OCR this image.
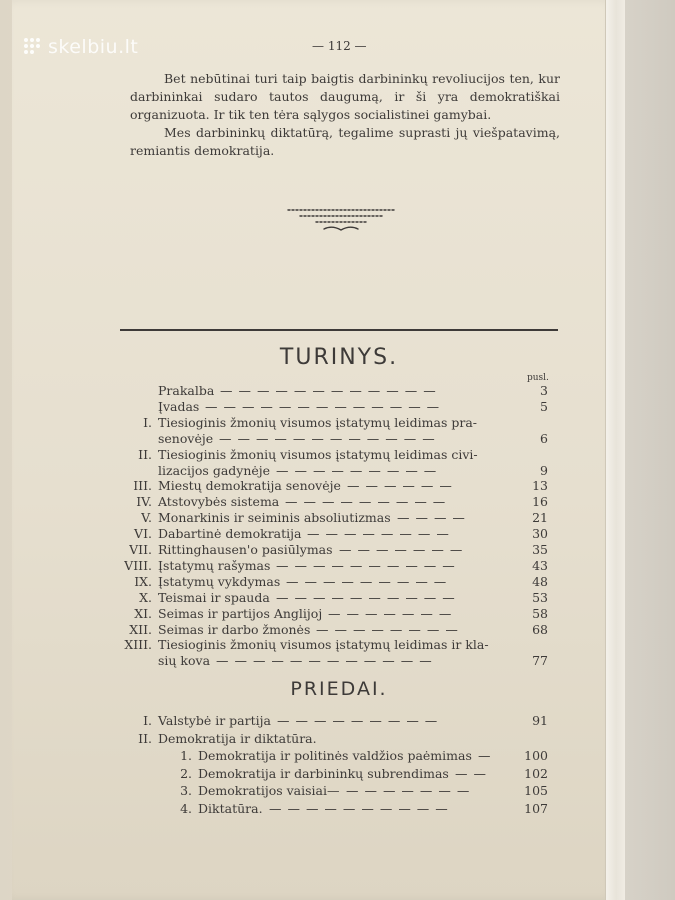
skelbiu.lt	— 112 —

Bet nebūtinai turi taip baigtis darbininkų revoliucijos ten, kur darbininkai sudaro tautos daugumą, ir ši yra demokratiškai organizuota. Ir tik ten tėra sąlygos socialistinei gamybai.

Mes darbininkų diktatūrą, tegalime suprasti jų viešpatavimą, remiantis demokratija.

TURINYS.
pusl.
Prakalba — — — — — — — — — — — —	3
Įvadas — — — — — — — — — — — — —	5
I. Tiesioginis žmonių visumos įstatymų leidimas pra-
senovėje — — — — — — — — — — — —	6
II. Tiesioginis žmonių visumos įstatymų leidimas civi-
lizacijos gadynėje — — — — — — — — —	9
III. Miestų demokratija senovėje — — — — — —	13
IV. Atstovybės sistema — — — — — — — — —	16
V. Monarkinis ir seiminis absoliutizmas — — — —	21
VI. Dabartinė demokratija — — — — — — — —	30
VII. Rittinghausen'o pasiūlymas — — — — — — —	35
VIII. Įstatymų rašymas — — — — — — — — — —	43
IX. Įstatymų vykdymas — — — — — — — — —	48
X. Teismai ir spauda — — — — — — — — — —	53
XI. Seimas ir partijos Anglijoj — — — — — — —	58
XII. Seimas ir darbo žmonės — — — — — — — —	68
XIII. Tiesioginis žmonių visumos įstatymų leidimas ir kla-
sių kova — — — — — — — — — — — —	77
PRIEDAI.
I. Valstybė ir partija — — — — — — — — —	91
II. Demokratija ir diktatūra.
1. Demokratija ir politinės valdžios paėmimas —	100
2. Demokratija ir darbininkų subrendimas — —	102
3. Demokratijos vaisiai— — — — — — — —	105
4. Diktatūra. — — — — — — — — — —	107
